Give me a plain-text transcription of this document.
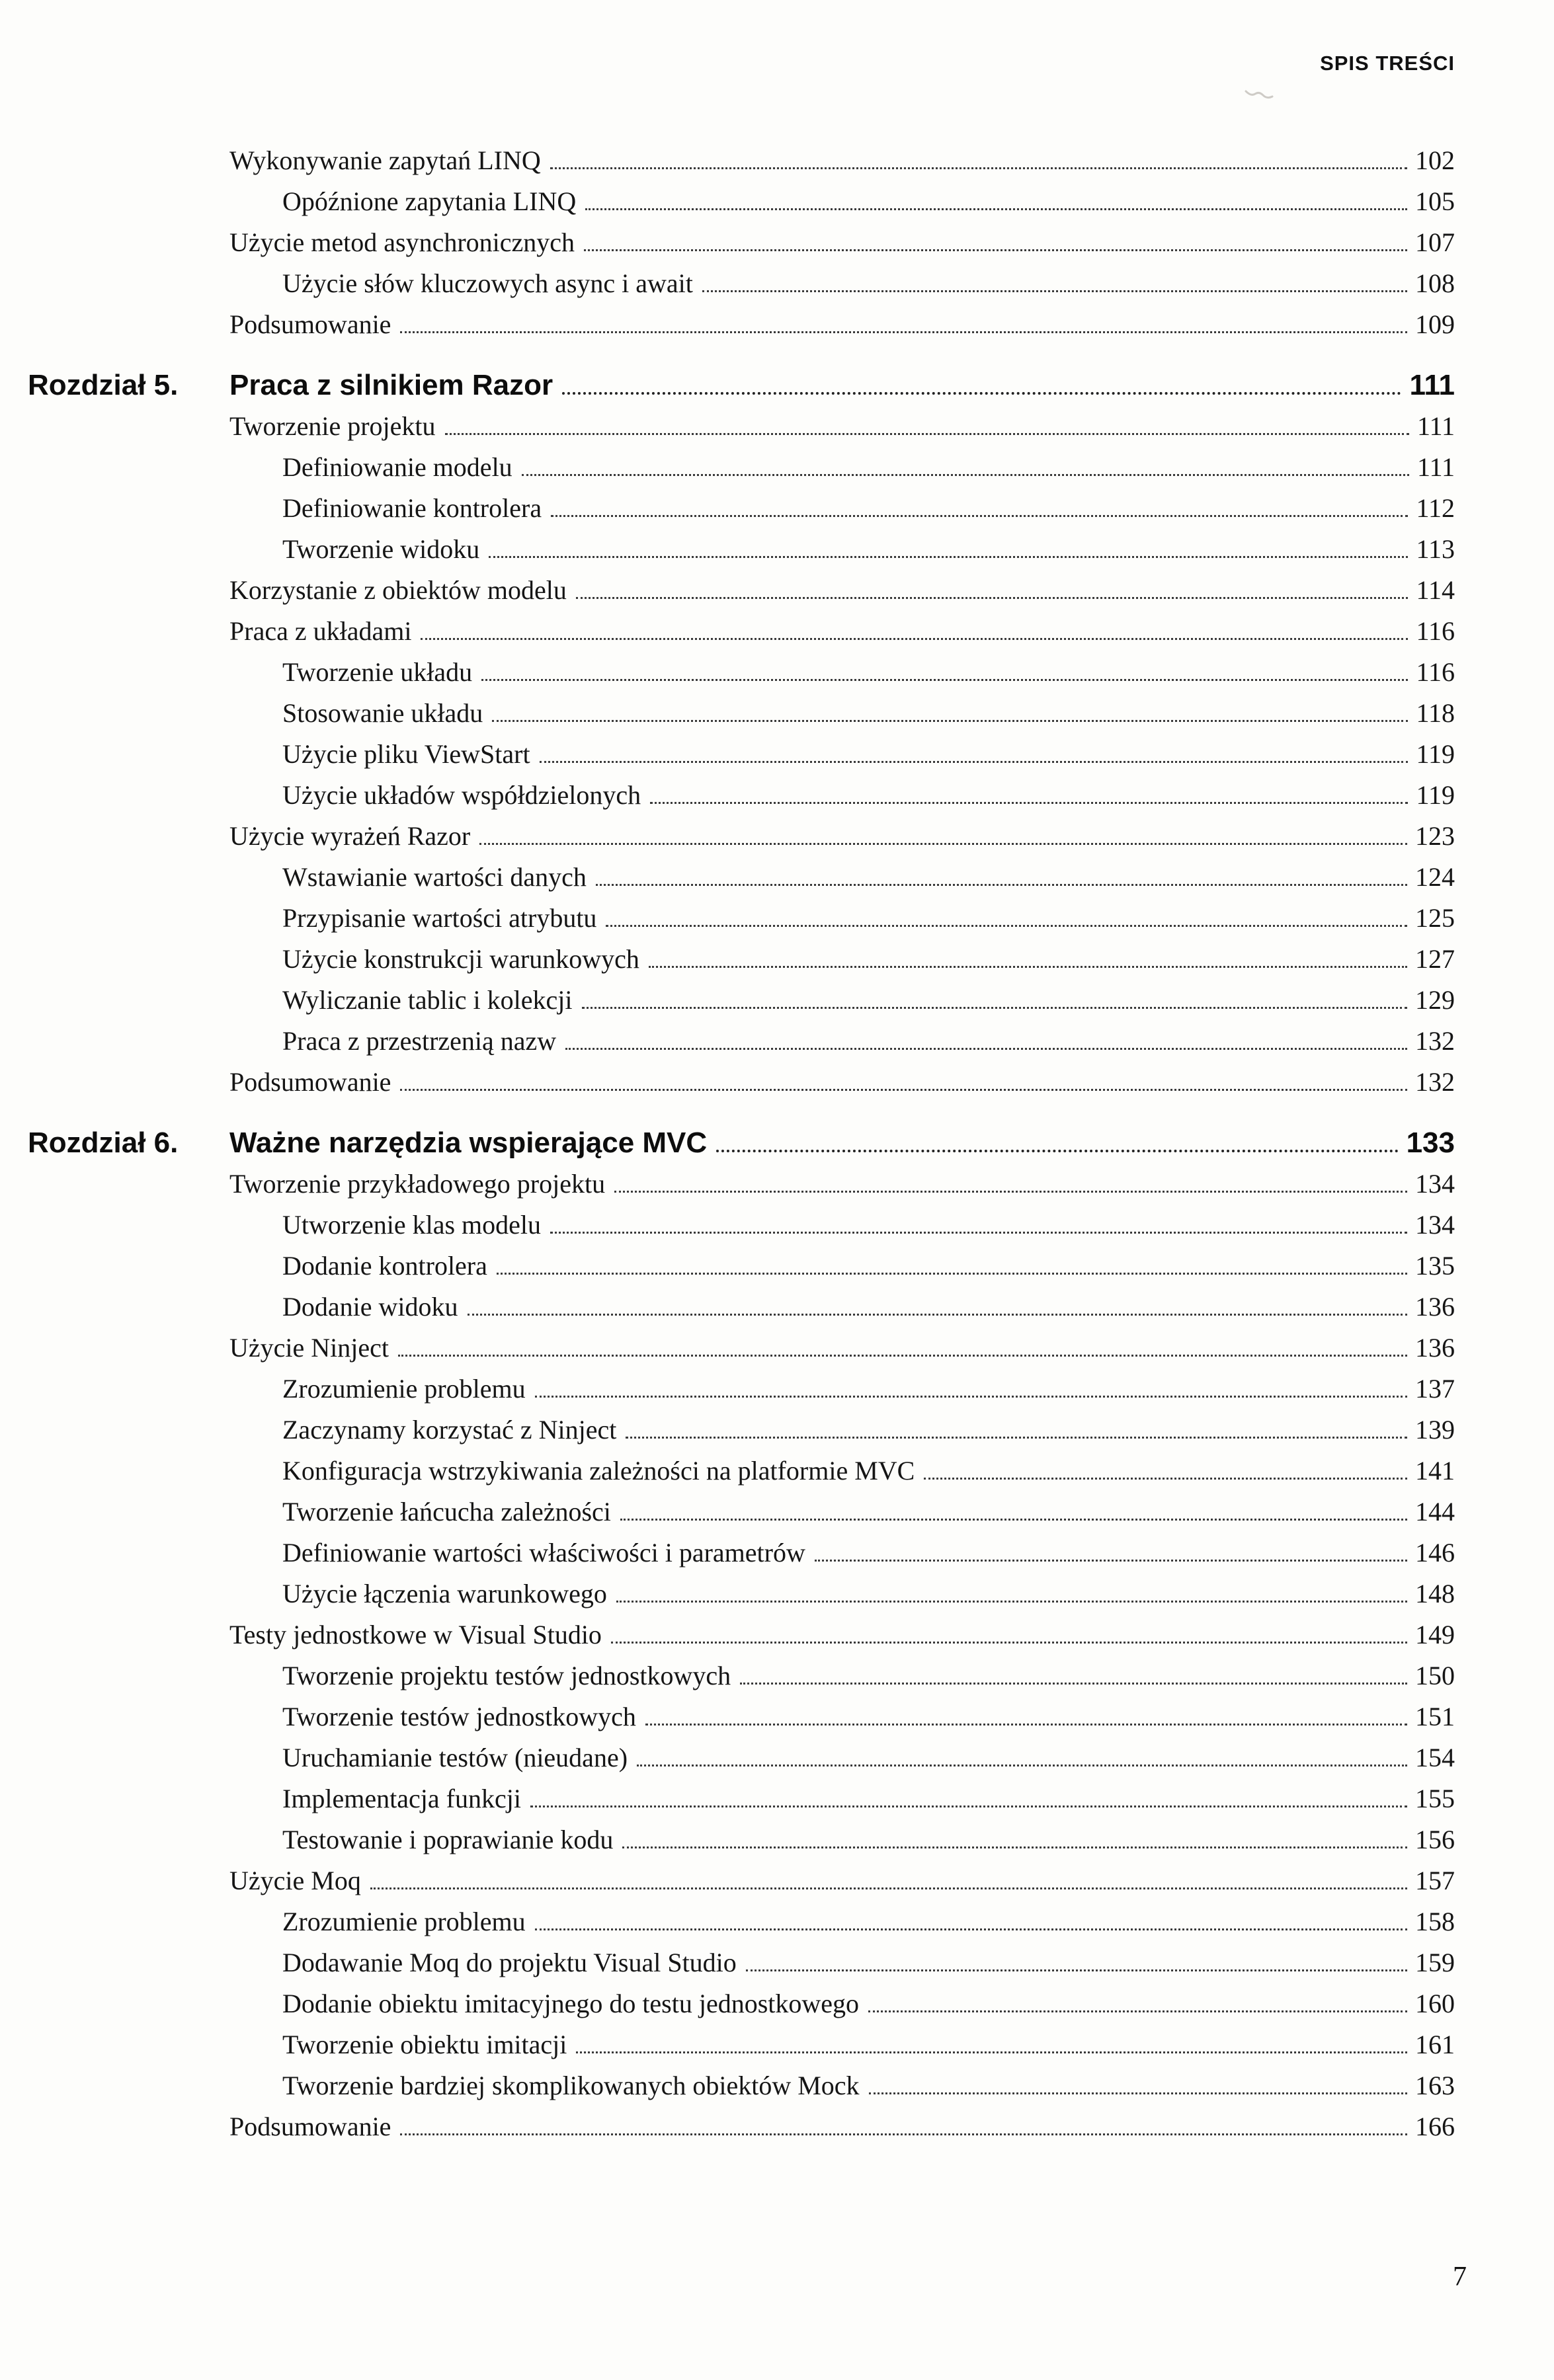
SPIS TREŚCI
Wykonywanie zapytań LINQ	102
Opóźnione zapytania LINQ	105
Użycie metod asynchronicznych	107
Użycie słów kluczowych async i await	108
Podsumowanie	109
Rozdział 5.	Praca z silnikiem Razor	111
Tworzenie projektu	111
Definiowanie modelu	111
Definiowanie kontrolera	112
Tworzenie widoku	113
Korzystanie z obiektów modelu	114
Praca z układami	116
Tworzenie układu	116
Stosowanie układu	118
Użycie pliku ViewStart	119
Użycie układów współdzielonych	119
Użycie wyrażeń Razor	123
Wstawianie wartości danych	124
Przypisanie wartości atrybutu	125
Użycie konstrukcji warunkowych	127
Wyliczanie tablic i kolekcji	129
Praca z przestrzenią nazw	132
Podsumowanie	132
Rozdział 6.	Ważne narzędzia wspierające MVC	133
Tworzenie przykładowego projektu	134
Utworzenie klas modelu	134
Dodanie kontrolera	135
Dodanie widoku	136
Użycie Ninject	136
Zrozumienie problemu	137
Zaczynamy korzystać z Ninject	139
Konfiguracja wstrzykiwania zależności na platformie MVC	141
Tworzenie łańcucha zależności	144
Definiowanie wartości właściwości i parametrów	146
Użycie łączenia warunkowego	148
Testy jednostkowe w Visual Studio	149
Tworzenie projektu testów jednostkowych	150
Tworzenie testów jednostkowych	151
Uruchamianie testów (nieudane)	154
Implementacja funkcji	155
Testowanie i poprawianie kodu	156
Użycie Moq	157
Zrozumienie problemu	158
Dodawanie Moq do projektu Visual Studio	159
Dodanie obiektu imitacyjnego do testu jednostkowego	160
Tworzenie obiektu imitacji	161
Tworzenie bardziej skomplikowanych obiektów Mock	163
Podsumowanie	166
7
